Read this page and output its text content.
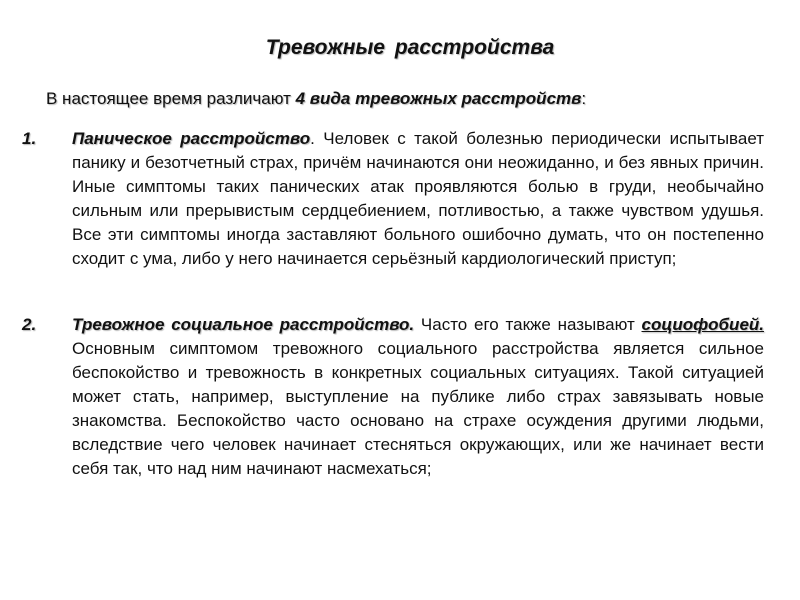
Тревожные расстройства
В настоящее время различают 4 вида тревожных расстройств:
1. Паническое расстройство. Человек с такой болезнью периодически испытывает панику и безотчетный страх, причём начинаются они неожиданно, и без явных причин. Иные симптомы таких панических атак проявляются болью в груди, необычайно сильным или прерывистым сердцебиением, потливостью, а также чувством удушья. Все эти симптомы иногда заставляют больного ошибочно думать, что он постепенно сходит с ума, либо у него начинается серьёзный кардиологический приступ;
2. Тревожное социальное расстройство. Часто его также называют социофобией. Основным симптомом тревожного социального расстройства является сильное беспокойство и тревожность в конкретных социальных ситуациях. Такой ситуацией может стать, например, выступление на публике либо страх завязывать новые знакомства. Беспокойство часто основано на страхе осуждения другими людьми, вследствие чего человек начинает стесняться окружающих, или же начинает вести себя так, что над ним начинают насмехаться;
